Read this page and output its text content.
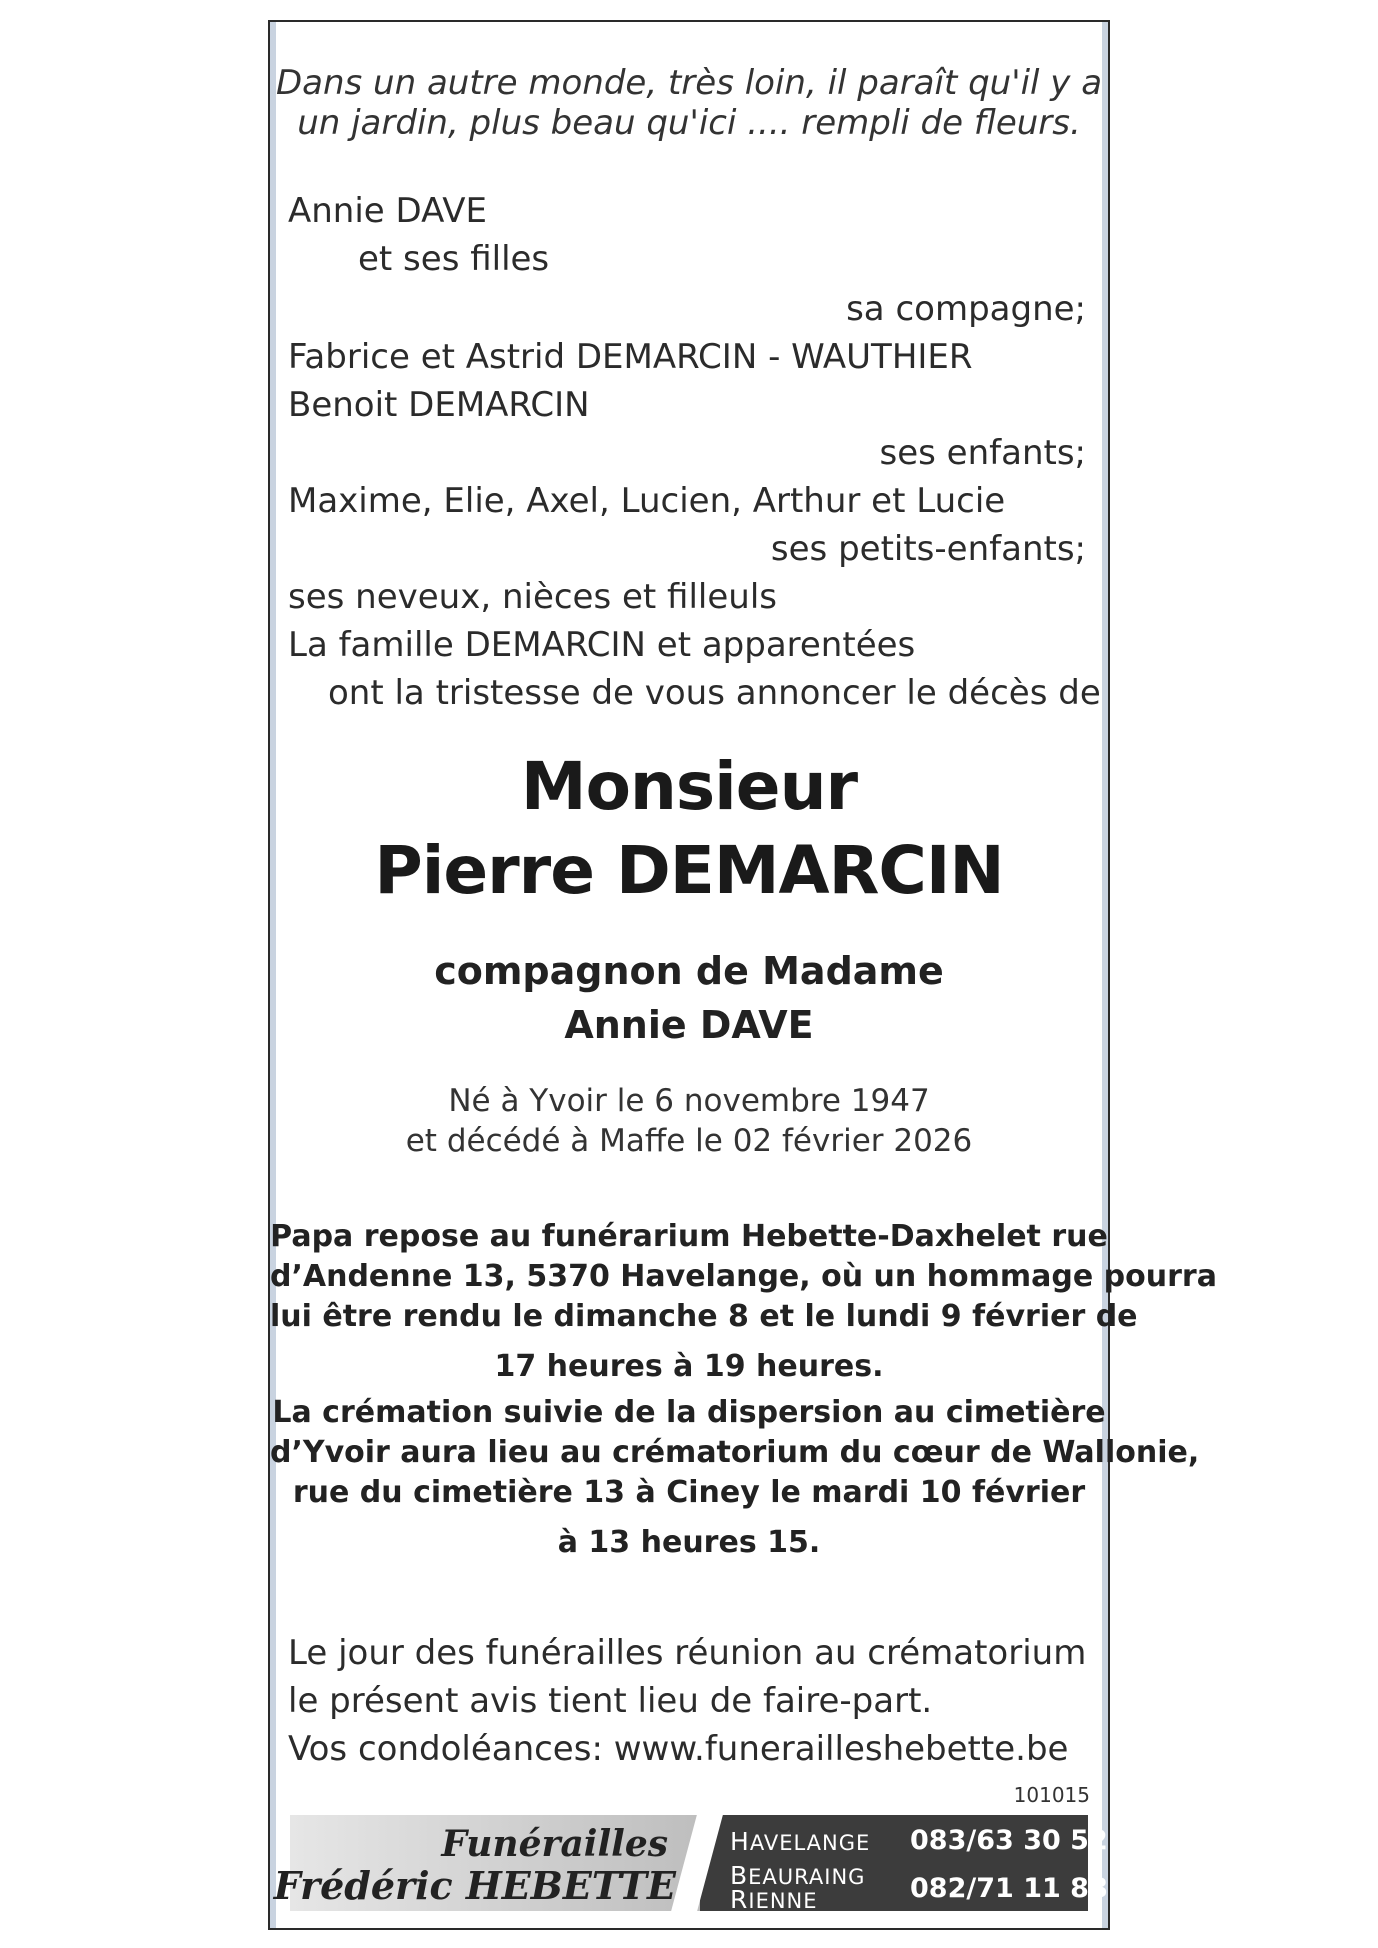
Dans un autre monde, très loin, il paraît qu'il y a
un jardin, plus beau qu'ici .... rempli de fleurs.
Annie DAVE
et ses filles
sa compagne;
Fabrice et Astrid DEMARCIN - WAUTHIER
Benoit DEMARCIN
ses enfants;
Maxime, Elie, Axel, Lucien, Arthur et Lucie
ses petits-enfants;
ses neveux, nièces et filleuls
La famille DEMARCIN et apparentées
ont la tristesse de vous annoncer le décès de
Monsieur
Pierre DEMARCIN
compagnon de Madame
Annie DAVE
Né à Yvoir le 6 novembre 1947
et décédé à Maffe le 02 février 2026
Papa repose au funérarium Hebette-Daxhelet rue
d’Andenne 13, 5370 Havelange, où un hommage pourra
lui être rendu le dimanche 8 et le lundi 9 février de
17 heures à 19 heures.
La crémation suivie de la dispersion au cimetière
d’Yvoir aura lieu au crématorium du cœur de Wallonie,
rue du cimetière 13 à Ciney le mardi 10 février
à 13 heures 15.
Le jour des funérailles réunion au crématorium
le présent avis tient lieu de faire-part.
Vos condoléances: www.funerailleshebette.be
101015
Funérailles
Frédéric HEBETTE
HAVELANGE 083/63 30 52
BEAURAING
RIENNE	082/71 11 88
